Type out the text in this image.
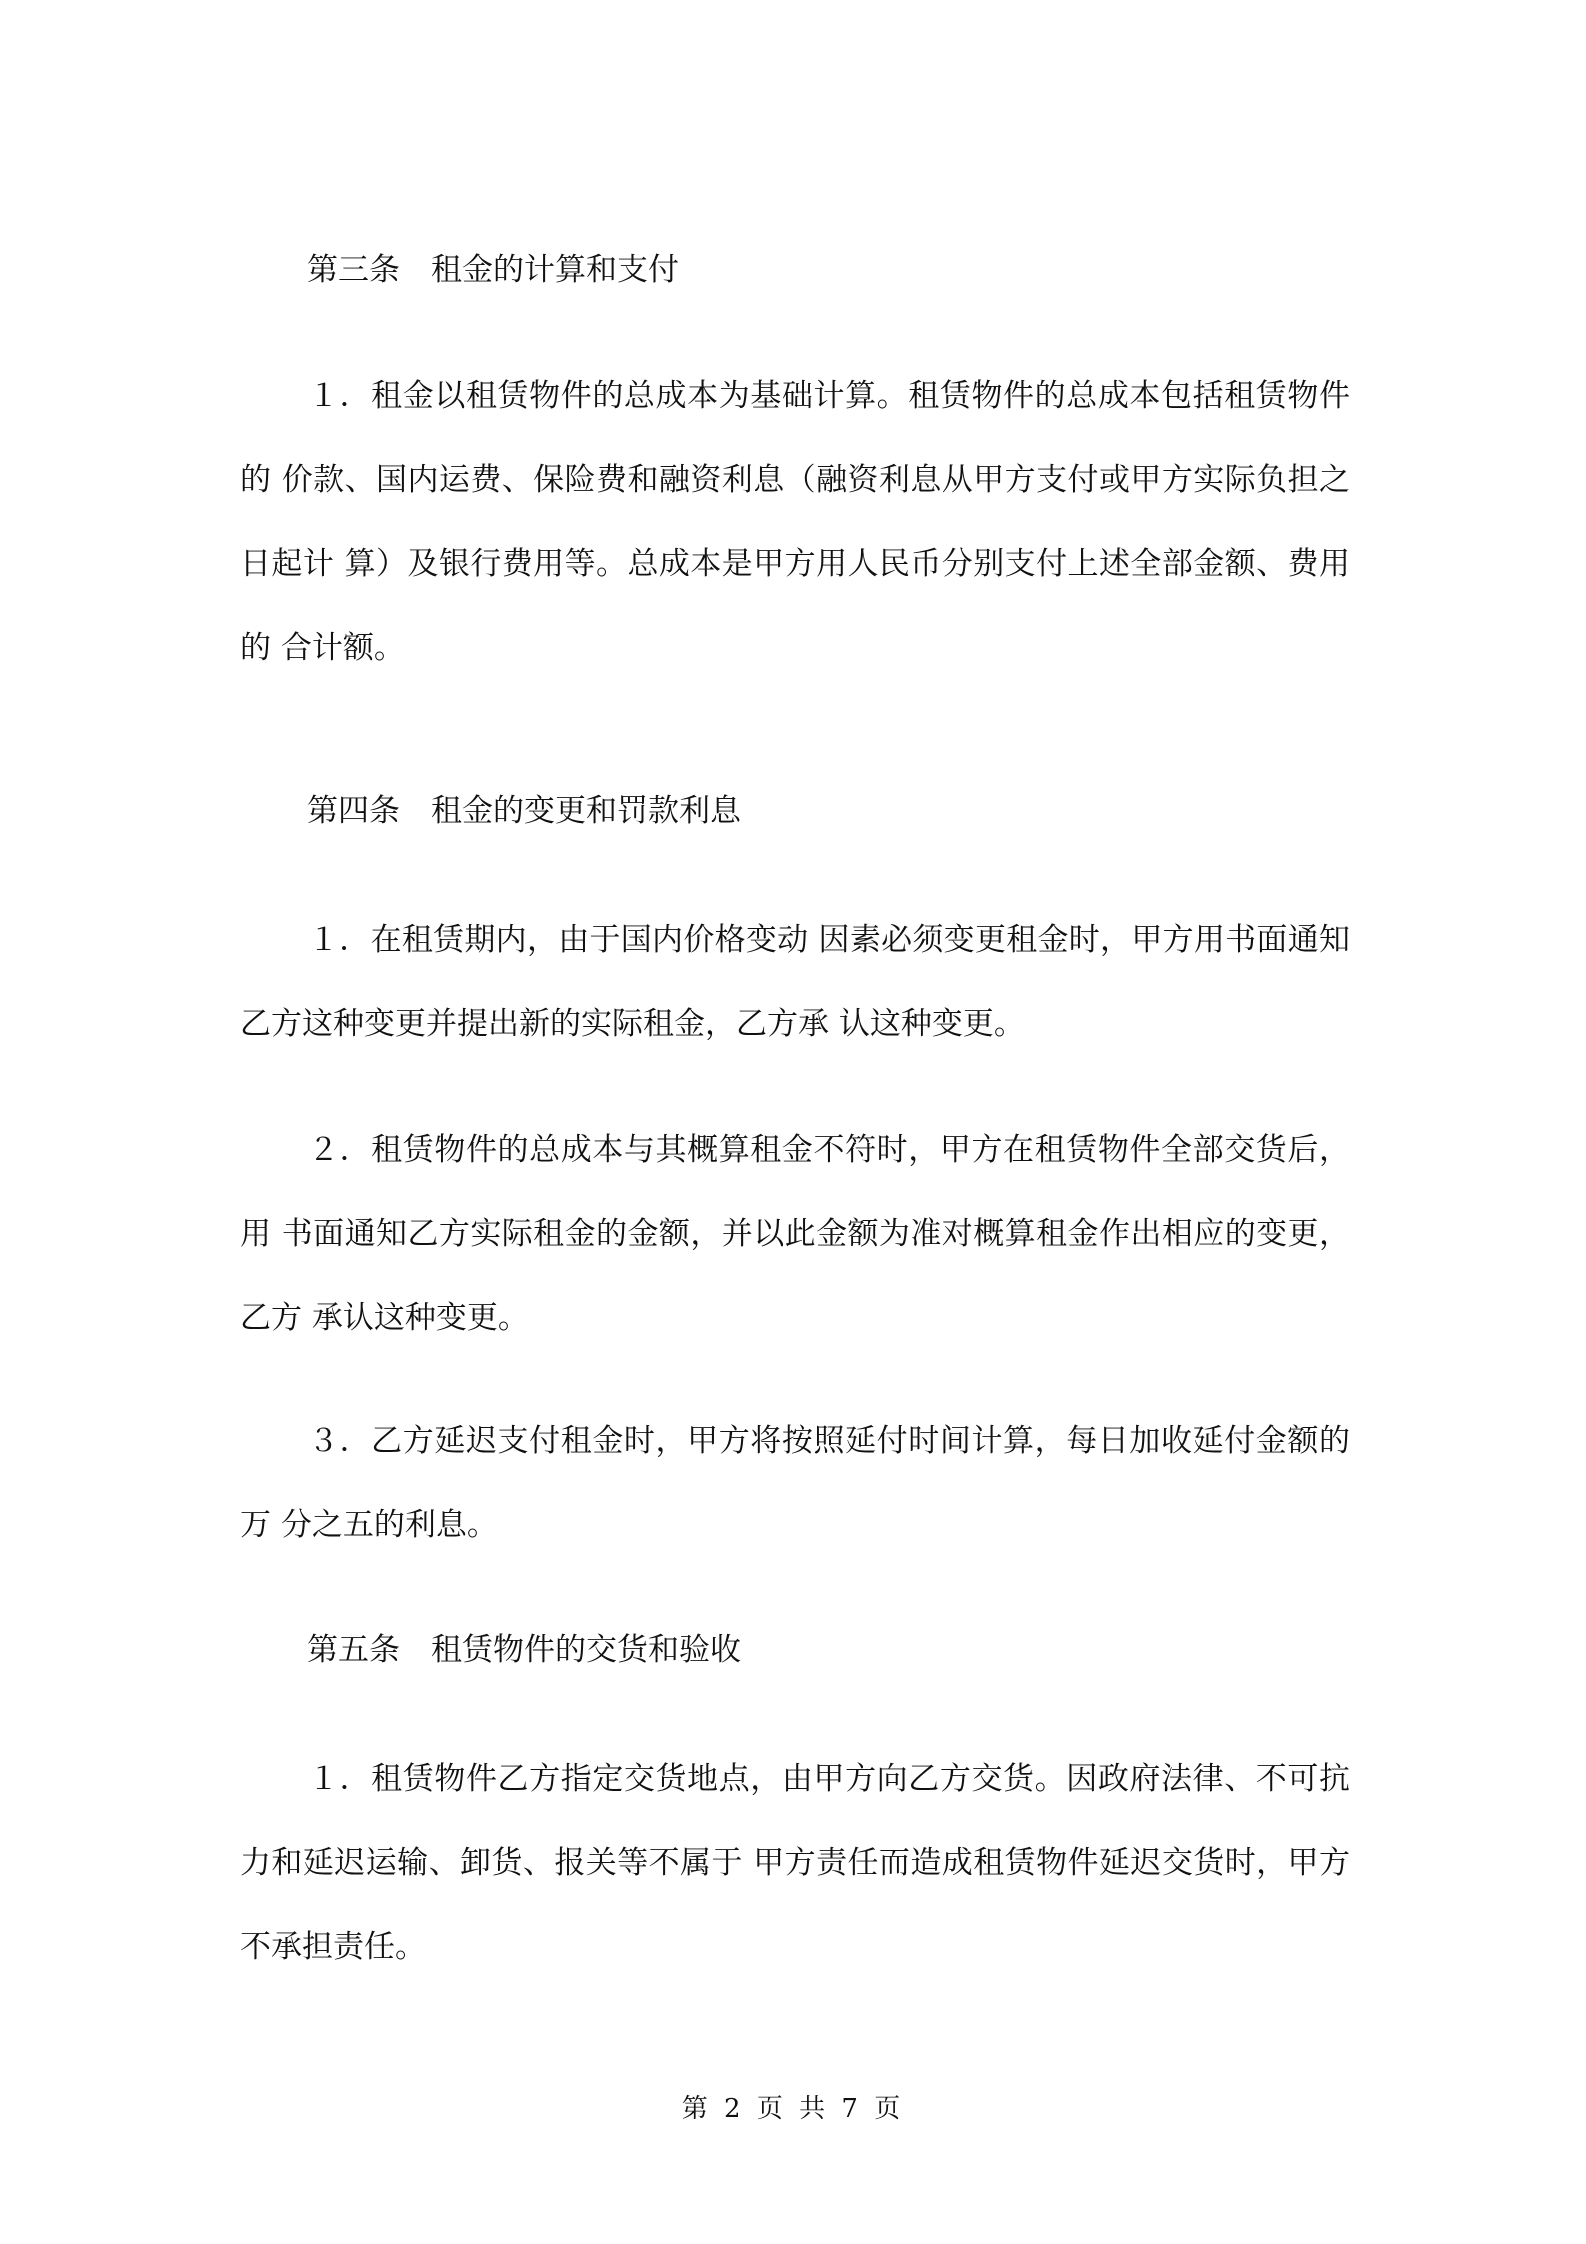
第三条　租金的计算和支付
１．租金以租赁物件的总成本为基础计算。租赁物件的总成本包括租赁物件的 价款、国内运费、保险费和融资利息（融资利息从甲方支付或甲方实际负担之日起计 算）及银行费用等。总成本是甲方用人民币分别支付上述全部金额、费用的 合计额。
第四条　租金的变更和罚款利息
１．在租赁期内，由于国内价格变动 因素必须变更租金时，甲方用书面通知乙方这种变更并提出新的实际租金，乙方承 认这种变更。
２．租赁物件的总成本与其概算租金不符时，甲方在租赁物件全部交货后，用 书面通知乙方实际租金的金额，并以此金额为准对概算租金作出相应的变更，乙方 承认这种变更。
３．乙方延迟支付租金时，甲方将按照延付时间计算，每日加收延付金额的万 分之五的利息。
第五条　租赁物件的交货和验收
１．租赁物件乙方指定交货地点，由甲方向乙方交货。因政府法律、不可抗力和延迟运输、卸货、报关等不属于 甲方责任而造成租赁物件延迟交货时，甲方不承担责任。
第 2 页 共 7 页
